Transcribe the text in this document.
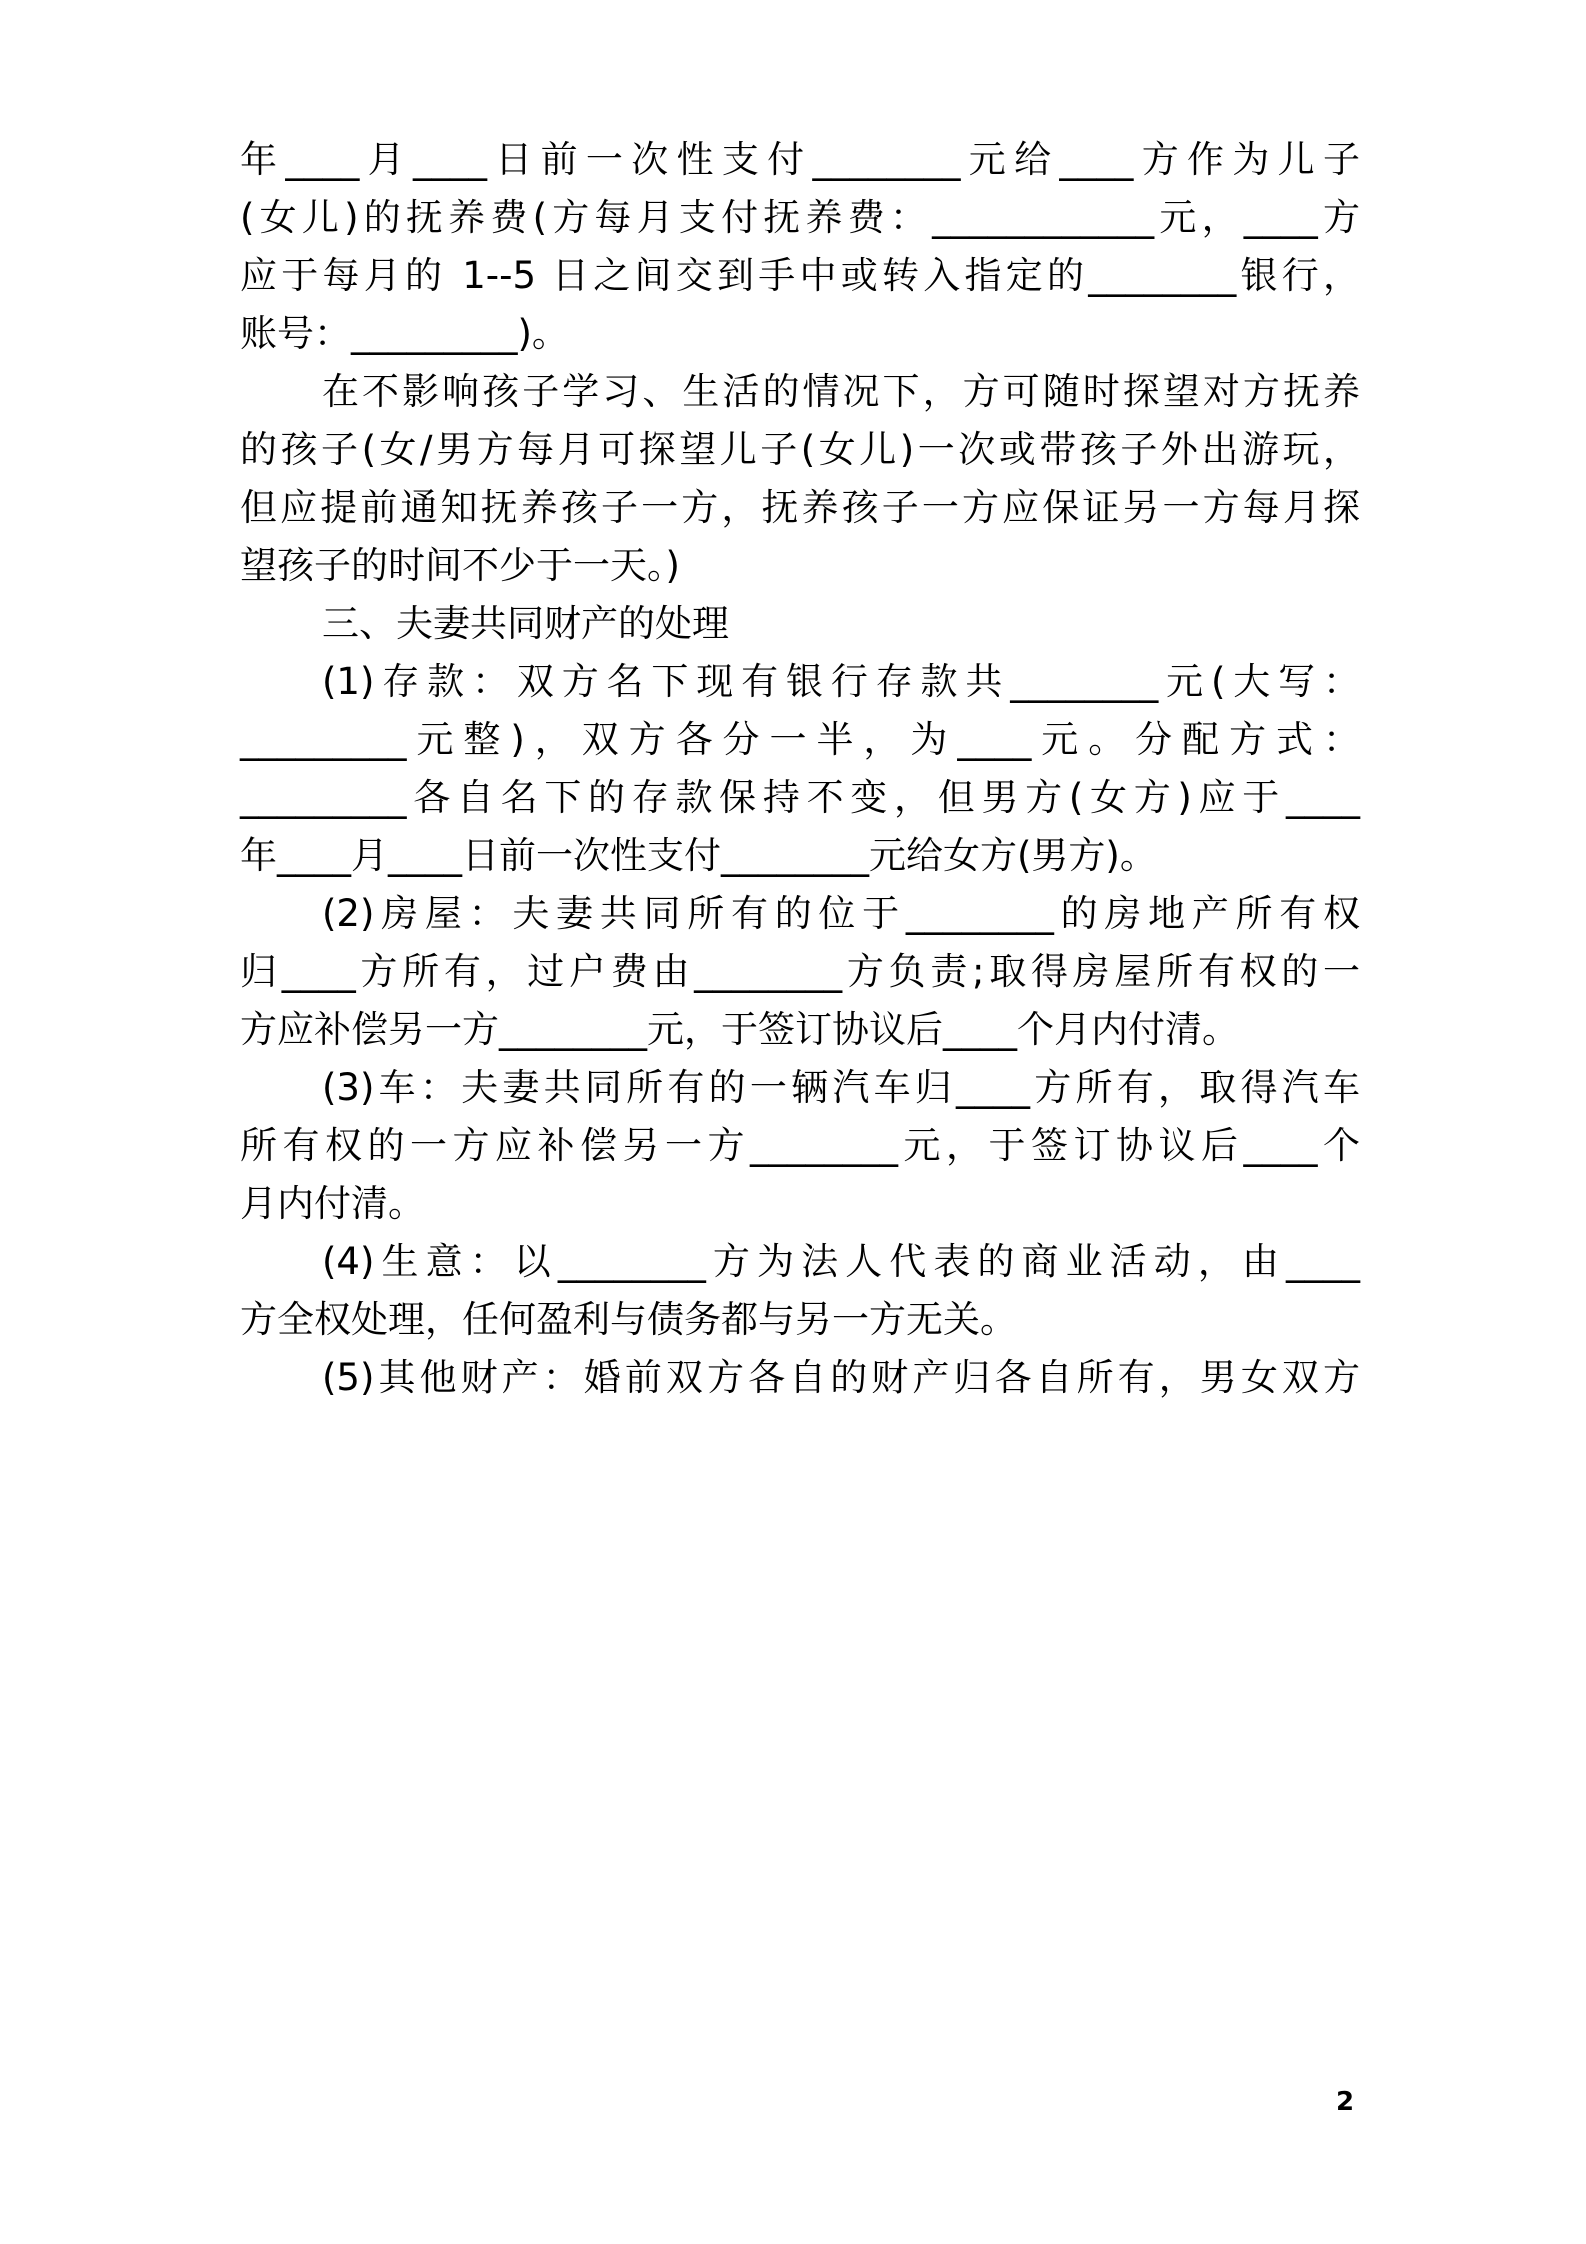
年____月____日前一次性支付________元给____方作为儿子
(女儿)的抚养费(方每月支付抚养费：____________元，____方
应于每月的 1--5 日之间交到手中或转入指定的________银行，
账号：_________)。
在不影响孩子学习、生活的情况下，方可随时探望对方抚养
的孩子(女/男方每月可探望儿子(女儿)一次或带孩子外出游玩，
但应提前通知抚养孩子一方，抚养孩子一方应保证另一方每月探
望孩子的时间不少于一天。)
三、夫妻共同财产的处理
(1)存款：双方名下现有银行存款共________元(大写：
_________元整)，双方各分一半，为____元。分配方式：
_________各自名下的存款保持不变，但男方(女方)应于____
年____月____日前一次性支付________元给女方(男方)。
(2)房屋：夫妻共同所有的位于________的房地产所有权
归____方所有，过户费由________方负责;取得房屋所有权的一
方应补偿另一方________元，于签订协议后____个月内付清。
(3)车：夫妻共同所有的一辆汽车归____方所有，取得汽车
所有权的一方应补偿另一方________元，于签订协议后____个
月内付清。
(4)生意：以________方为法人代表的商业活动，由____
方全权处理，任何盈利与债务都与另一方无关。
(5)其他财产：婚前双方各自的财产归各自所有，男女双方
2
